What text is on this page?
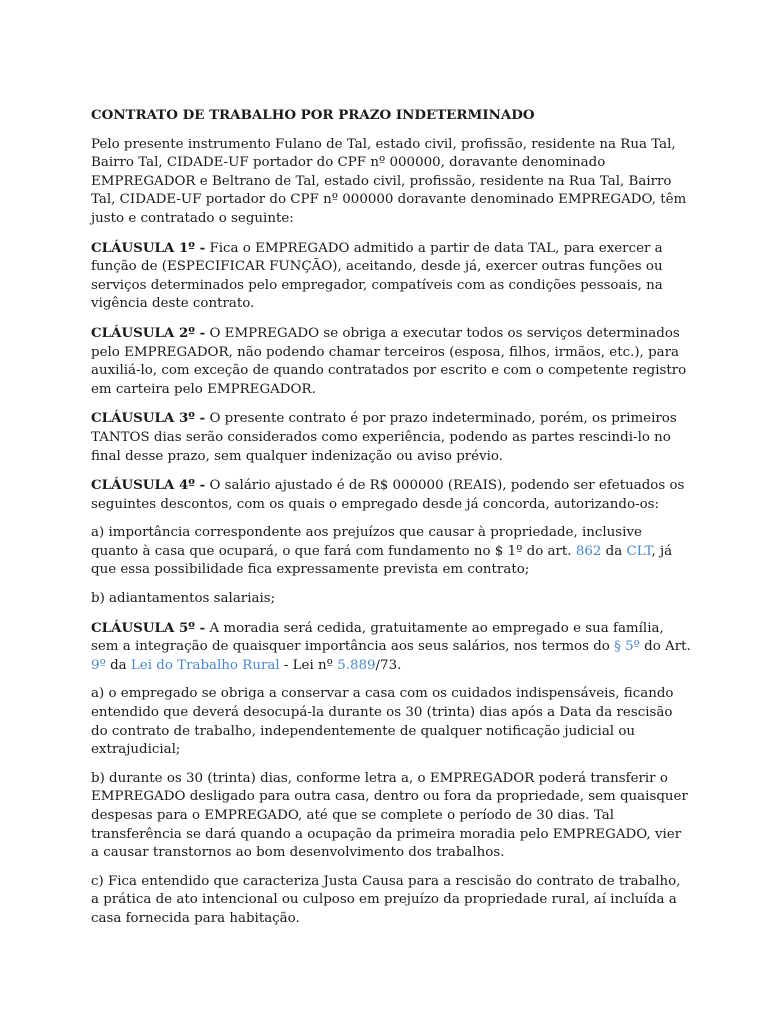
CONTRATO DE TRABALHO POR PRAZO INDETERMINADO

Pelo presente instrumento Fulano de Tal, estado civil, profissão, residente na Rua Tal, Bairro Tal, CIDADE-UF portador do CPF nº 000000, doravante denominado EMPREGADOR e Beltrano de Tal, estado civil, profissão, residente na Rua Tal, Bairro Tal, CIDADE-UF portador do CPF nº 000000 doravante denominado EMPREGADO, têm justo e contratado o seguinte:

CLÁUSULA 1º - Fica o EMPREGADO admitido a partir de data TAL, para exercer a função de (ESPECIFICAR FUNÇÃO), aceitando, desde já, exercer outras funções ou serviços determinados pelo empregador, compatíveis com as condições pessoais, na vigência deste contrato.

CLÁUSULA 2º - O EMPREGADO se obriga a executar todos os serviços determinados pelo EMPREGADOR, não podendo chamar terceiros (esposa, filhos, irmãos, etc.), para auxiliá-lo, com exceção de quando contratados por escrito e com o competente registro em carteira pelo EMPREGADOR.

CLÁUSULA 3º - O presente contrato é por prazo indeterminado, porém, os primeiros TANTOS dias serão considerados como experiência, podendo as partes rescindi-lo no final desse prazo, sem qualquer indenização ou aviso prévio.

CLÁUSULA 4º - O salário ajustado é de R$ 000000 (REAIS), podendo ser efetuados os seguintes descontos, com os quais o empregado desde já concorda, autorizando-os:

a) importância correspondente aos prejuízos que causar à propriedade, inclusive quanto à casa que ocupará, o que fará com fundamento no $ 1º do art. 862 da CLT, já que essa possibilidade fica expressamente prevista em contrato;

b) adiantamentos salariais;

CLÁUSULA 5º - A moradia será cedida, gratuitamente ao empregado e sua família, sem a integração de quaisquer importância aos seus salários, nos termos do § 5º do Art. 9º da Lei do Trabalho Rural - Lei nº 5.889/73.

a) o empregado se obriga a conservar a casa com os cuidados indispensáveis, ficando entendido que deverá desocupá-la durante os 30 (trinta) dias após a Data da rescisão do contrato de trabalho, independentemente de qualquer notificação judicial ou extrajudicial;

b) durante os 30 (trinta) dias, conforme letra a, o EMPREGADOR poderá transferir o EMPREGADO desligado para outra casa, dentro ou fora da propriedade, sem quaisquer despesas para o EMPREGADO, até que se complete o período de 30 dias. Tal transferência se dará quando a ocupação da primeira moradia pelo EMPREGADO, vier a causar transtornos ao bom desenvolvimento dos trabalhos.

c) Fica entendido que caracteriza Justa Causa para a rescisão do contrato de trabalho, a prática de ato intencional ou culposo em prejuízo da propriedade rural, aí incluída a casa fornecida para habitação.
